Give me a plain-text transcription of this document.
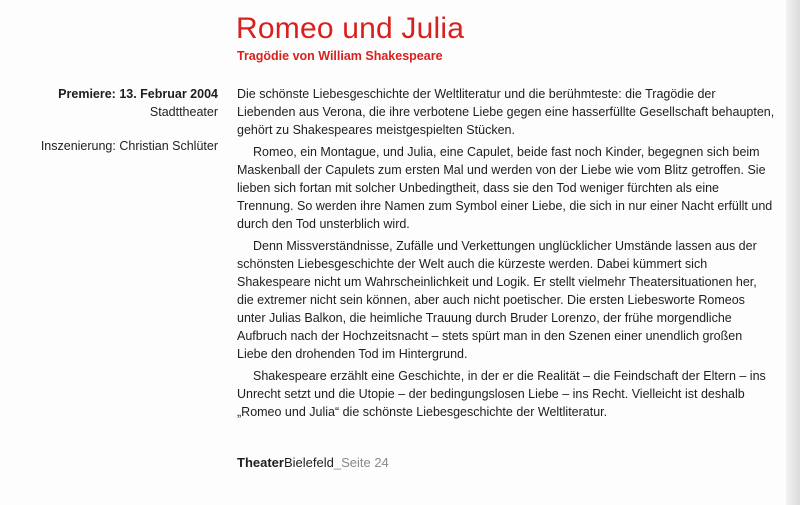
Romeo und Julia
Tragödie von William Shakespeare
Premiere: 13. Februar 2004
Stadttheater
Inszenierung: Christian Schlüter

Die schönste Liebesgeschichte der Weltliteratur und die berühmteste: die Tragödie der Liebenden aus Verona, die ihre verbotene Liebe gegen eine hasserfüllte Gesellschaft behaupten, gehört zu Shakespeares meistgespielten Stücken.

Romeo, ein Montague, und Julia, eine Capulet, beide fast noch Kinder, begegnen sich beim Maskenball der Capulets zum ersten Mal und werden von der Liebe wie vom Blitz getroffen. Sie lieben sich fortan mit solcher Unbedingtheit, dass sie den Tod weniger fürchten als eine Trennung. So werden ihre Namen zum Symbol einer Liebe, die sich in nur einer Nacht erfüllt und durch den Tod unsterblich wird.

Denn Missverständnisse, Zufälle und Verkettungen unglücklicher Umstände lassen aus der schönsten Liebesgeschichte der Welt auch die kürzeste werden. Dabei kümmert sich Shakespeare nicht um Wahrscheinlichkeit und Logik. Er stellt vielmehr Theatersituationen her, die extremer nicht sein können, aber auch nicht poetischer. Die ersten Liebesworte Romeos unter Julias Balkon, die heimliche Trauung durch Bruder Lorenzo, der frühe morgendliche Aufbruch nach der Hochzeitsnacht – stets spürt man in den Szenen einer unendlich großen Liebe den drohenden Tod im Hintergrund.

Shakespeare erzählt eine Geschichte, in der er die Realität – die Feindschaft der Eltern – ins Unrecht setzt und die Utopie – der bedingungslosen Liebe – ins Recht. Vielleicht ist deshalb „Romeo und Julia“ die schönste Liebesgeschichte der Weltliteratur.

TheaterBielefeld_Seite 24
